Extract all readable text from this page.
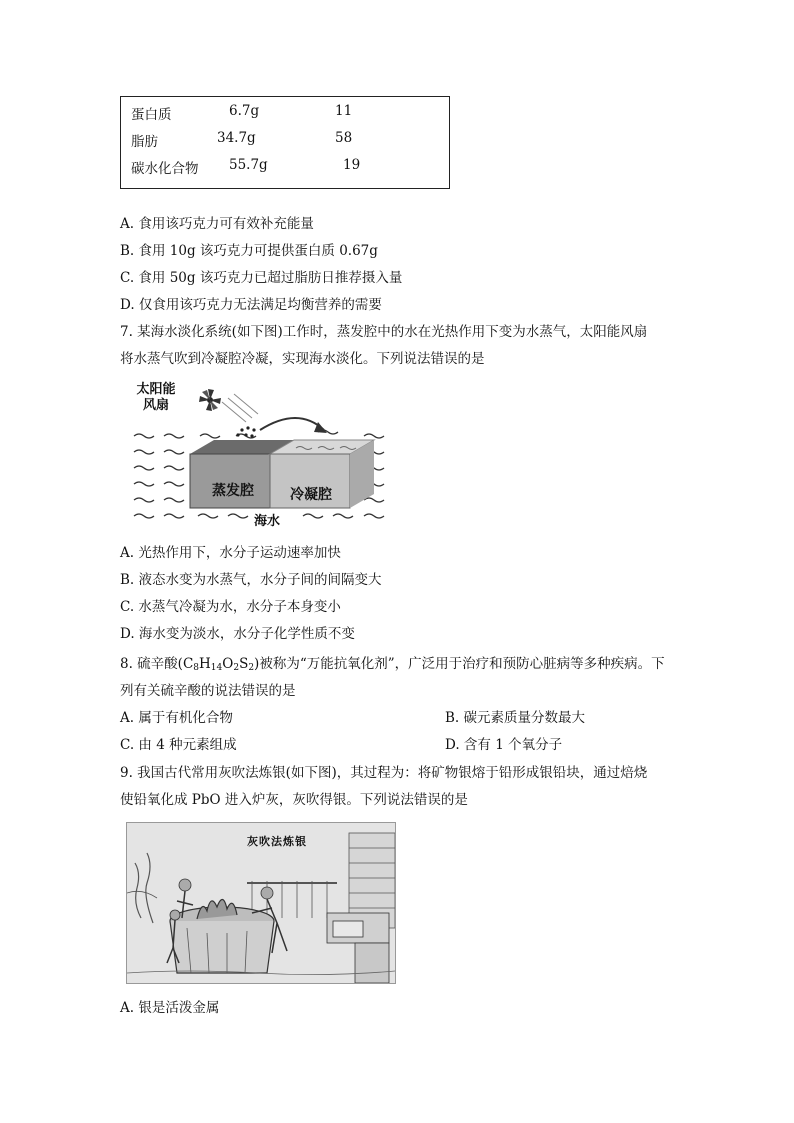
蛋白质	6.7g	11
脂肪	34.7g	58
碳水化合物 55.7g	19
A. 食用该巧克力可有效补充能量
B. 食用 10g 该巧克力可提供蛋白质 0.67g
C. 食用 50g 该巧克力已超过脂肪日推荐摄入量
D. 仅食用该巧克力无法满足均衡营养的需要
7. 某海水淡化系统(如下图)工作时，蒸发腔中的水在光热作用下变为水蒸气，太阳能风扇
将水蒸气吹到冷凝腔冷凝，实现海水淡化。下列说法错误的是
太阳能
风扇
蒸发腔	冷凝腔
海水
A. 光热作用下，水分子运动速率加快
B. 液态水变为水蒸气，水分子间的间隔变大
C. 水蒸气冷凝为水，水分子本身变小
D. 海水变为淡水，水分子化学性质不变
8. 硫辛酸$(C_8H_{14}O_2S_2)$被称为“万能抗氧化剂”，广泛用于治疗和预防心脏病等多种疾病。下
列有关硫辛酸的说法错误的是
A. 属于有机化合物	B. 碳元素质量分数最大
C. 由 4 种元素组成	D. 含有 1 个氧分子
9. 我国古代常用灰吹法炼银(如下图)，其过程为：将矿物银熔于铅形成银铅块，通过焙烧
使铅氧化成 PbO 进入炉灰，灰吹得银。下列说法错误的是
灰吹法炼银
A. 银是活泼金属
